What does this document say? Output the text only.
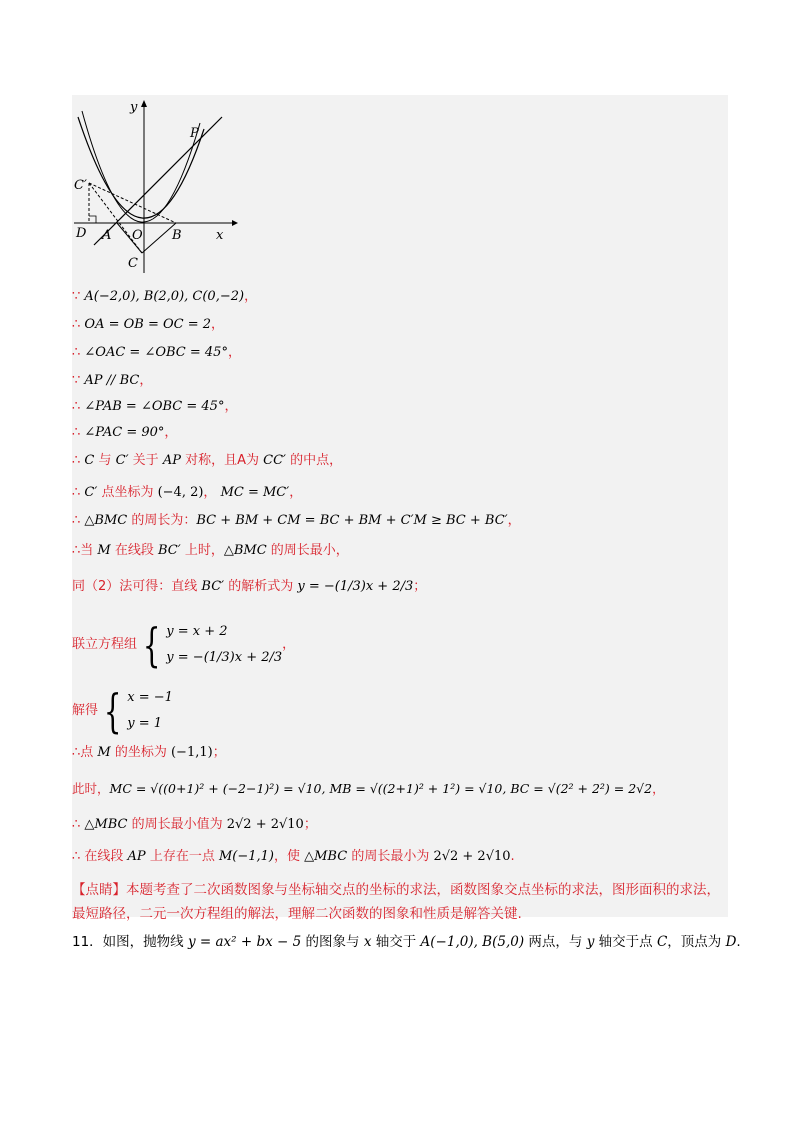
y
x
P
C′
D A O B
C
∵ A(−2,0), B(2,0), C(0,−2)，
∴ OA = OB = OC = 2，
∴ ∠OAC = ∠OBC = 45°，
∵ AP // BC，
∴ ∠PAB = ∠OBC = 45°，
∴ ∠PAC = 90°，
∴ C 与 C′ 关于 AP 对称，且A为 CC′ 的中点，
∴ C′ 点坐标为 (−4, 2)， MC = MC′，
∴ △BMC 的周长为：BC + BM + CM = BC + BM + C′M ≥ BC + BC′，
∴当 M 在线段 BC′ 上时，△BMC 的周长最小，
同（2）法可得：直线 BC′ 的解析式为 y = −(1/3)x + 2/3；
联立方程组 { y = x + 2
y = −(1/3)x + 2/3
，
解得 { x = −1
y = 1
∴点 M 的坐标为 (−1,1)；
此时，MC = √((0+1)² + (−2−1)²) = √10, MB = √((2+1)² + 1²) = √10, BC = √(2² + 2²) = 2√2，
∴ △MBC 的周长最小值为 2√2 + 2√10；
∴ 在线段 AP 上存在一点 M(−1,1)，使 △MBC 的周长最小为 2√2 + 2√10.
【点睛】本题考查了二次函数图象与坐标轴交点的坐标的求法，函数图象交点坐标的求法，图形面积的求法，最短路径，二元一次方程组的解法，理解二次函数的图象和性质是解答关键.
11．如图，抛物线 y = ax² + bx − 5 的图象与 x 轴交于 A(−1,0), B(5,0) 两点，与 y 轴交于点 C，顶点为 D.
